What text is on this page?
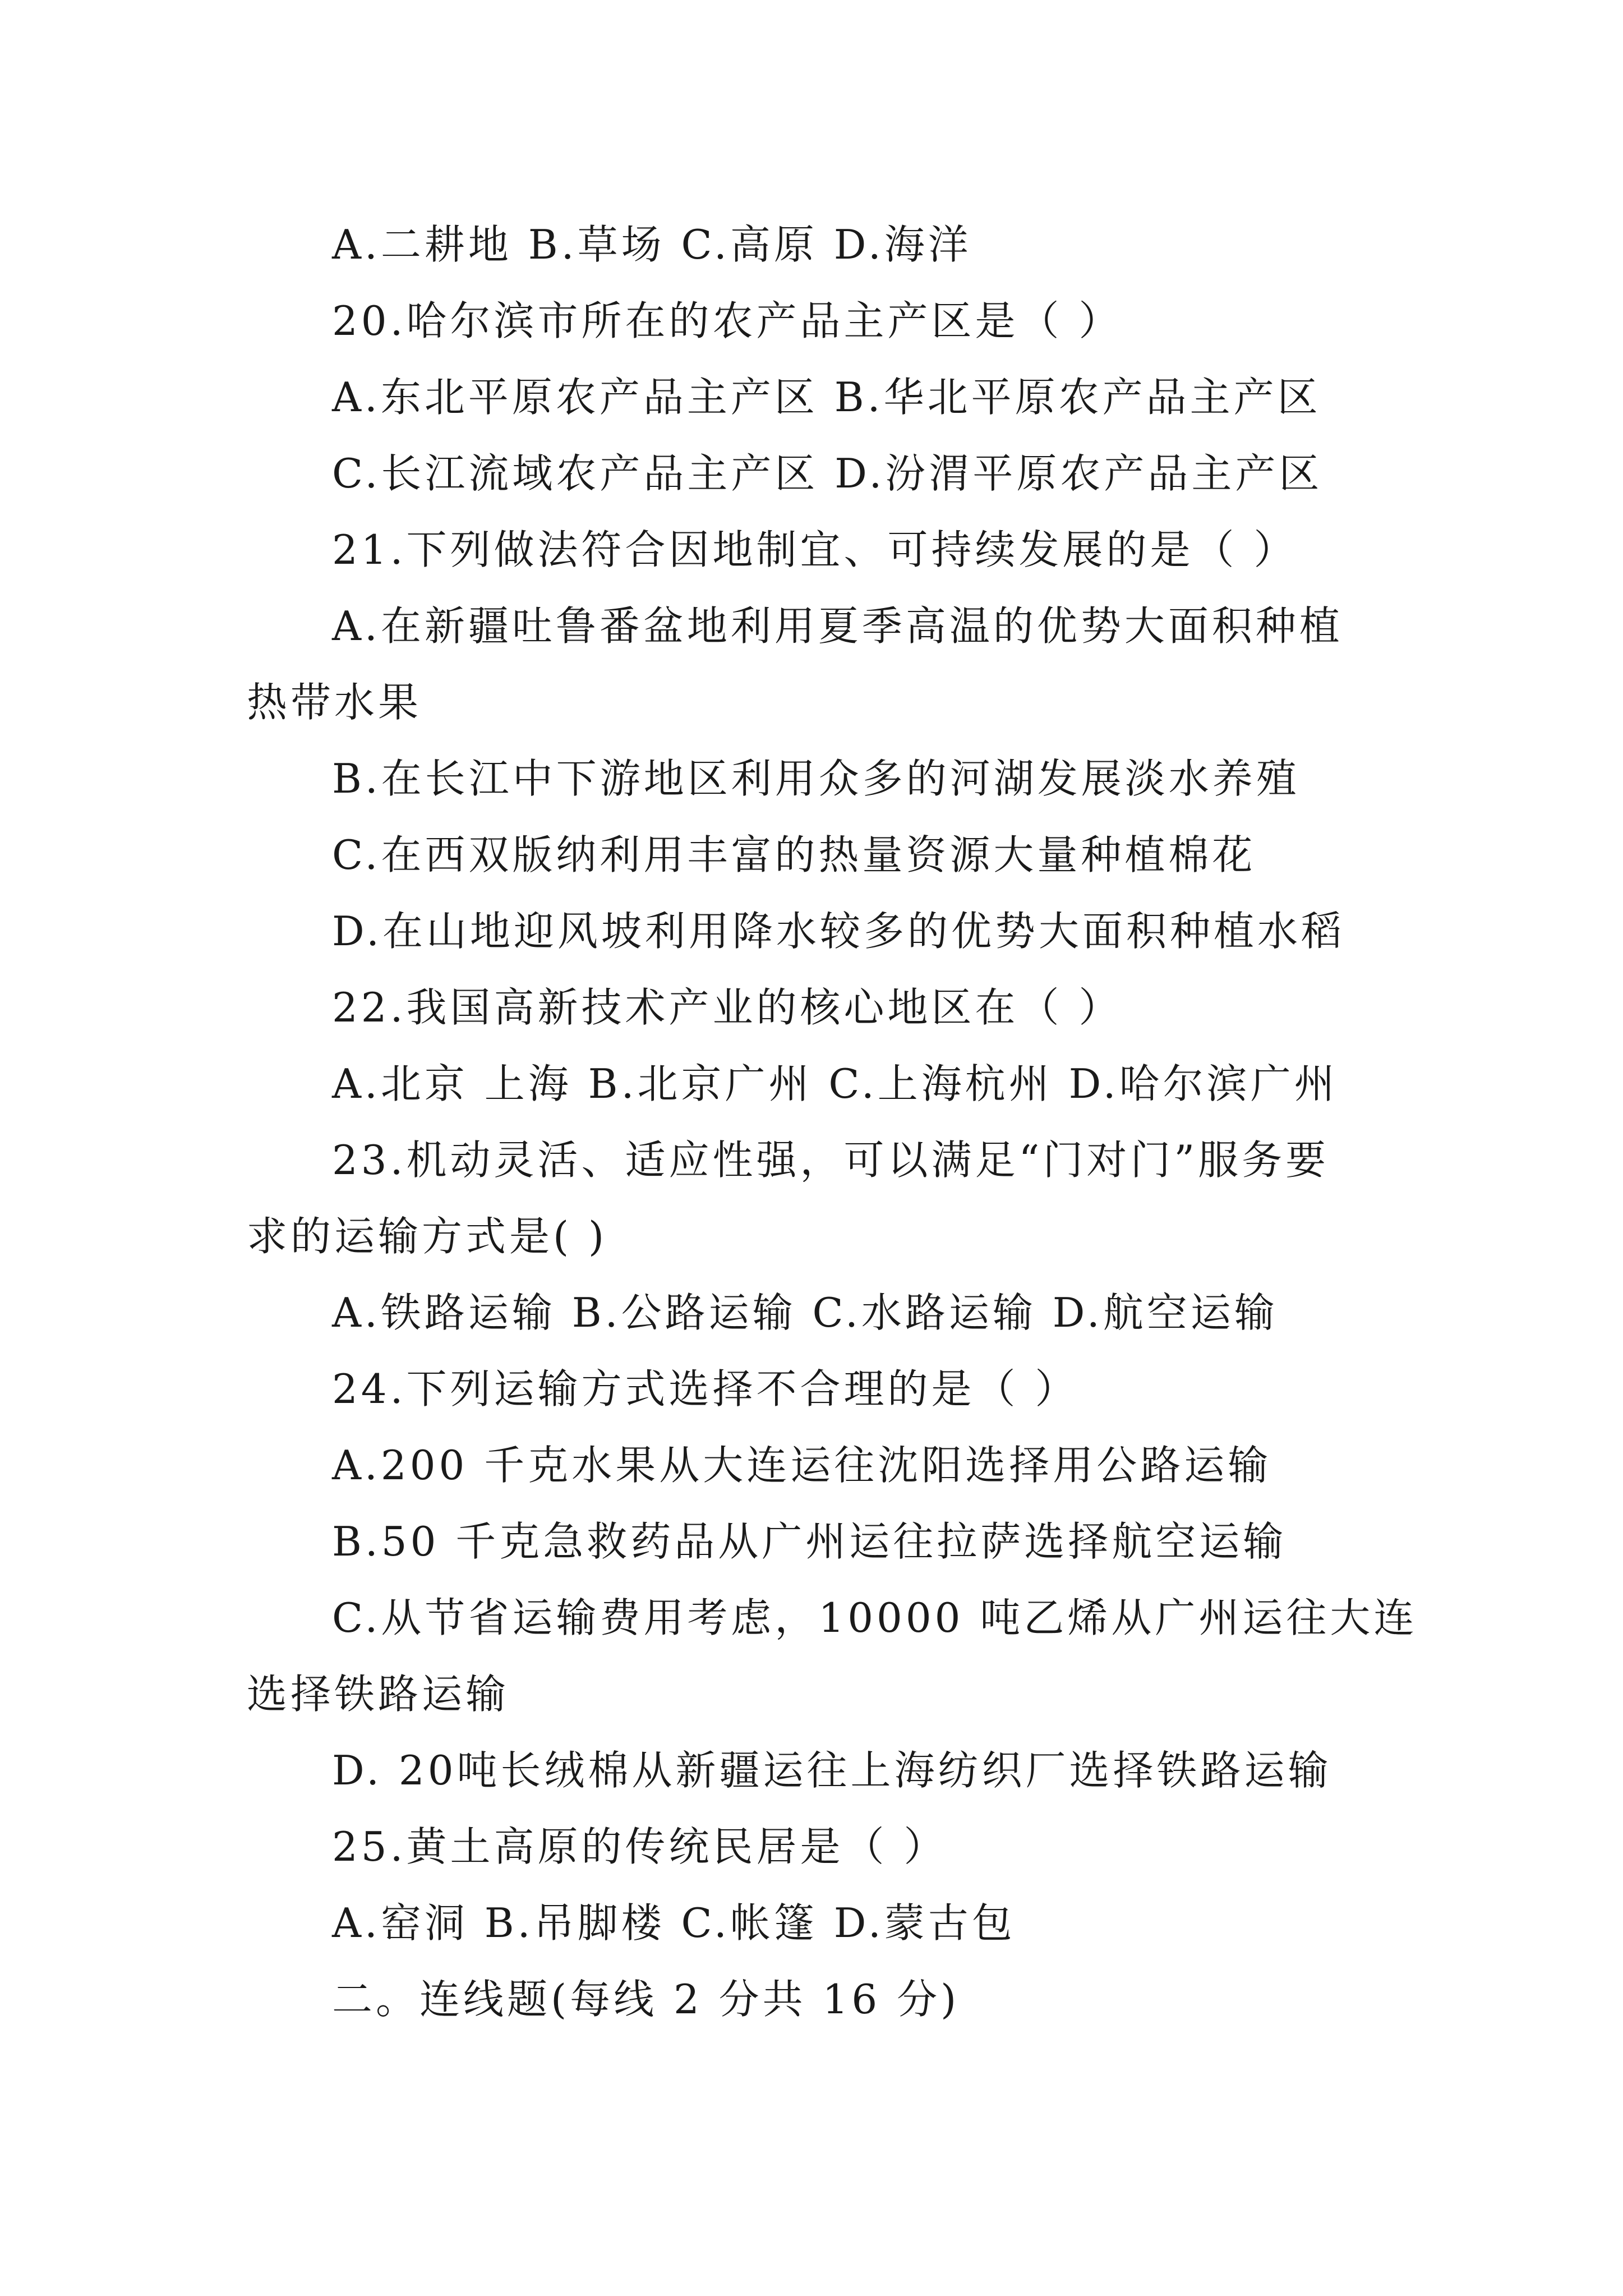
A.二耕地 B.草场 C.高原 D.海洋
20.哈尔滨市所在的农产品主产区是（ ）
A.东北平原农产品主产区 B.华北平原农产品主产区
C.长江流域农产品主产区 D.汾渭平原农产品主产区
21.下列做法符合因地制宜、可持续发展的是（ ）
A.在新疆吐鲁番盆地利用夏季高温的优势大面积种植
热带水果
B.在长江中下游地区利用众多的河湖发展淡水养殖
C.在西双版纳利用丰富的热量资源大量种植棉花
D.在山地迎风坡利用降水较多的优势大面积种植水稻
22.我国高新技术产业的核心地区在（ ）
A.北京 上海 B.北京广州 C.上海杭州 D.哈尔滨广州
23.机动灵活、适应性强，可以满足“门对门”服务要
求的运输方式是( )
A.铁路运输 B.公路运输 C.水路运输 D.航空运输
24.下列运输方式选择不合理的是（ ）
A.200 千克水果从大连运往沈阳选择用公路运输
B.50 千克急救药品从广州运往拉萨选择航空运输
C.从节省运输费用考虑，10000 吨乙烯从广州运往大连
选择铁路运输
D. 20吨长绒棉从新疆运往上海纺织厂选择铁路运输
25.黄土高原的传统民居是（ ）
A.窑洞 B.吊脚楼 C.帐篷 D.蒙古包
二。连线题(每线 2 分共 16 分)
